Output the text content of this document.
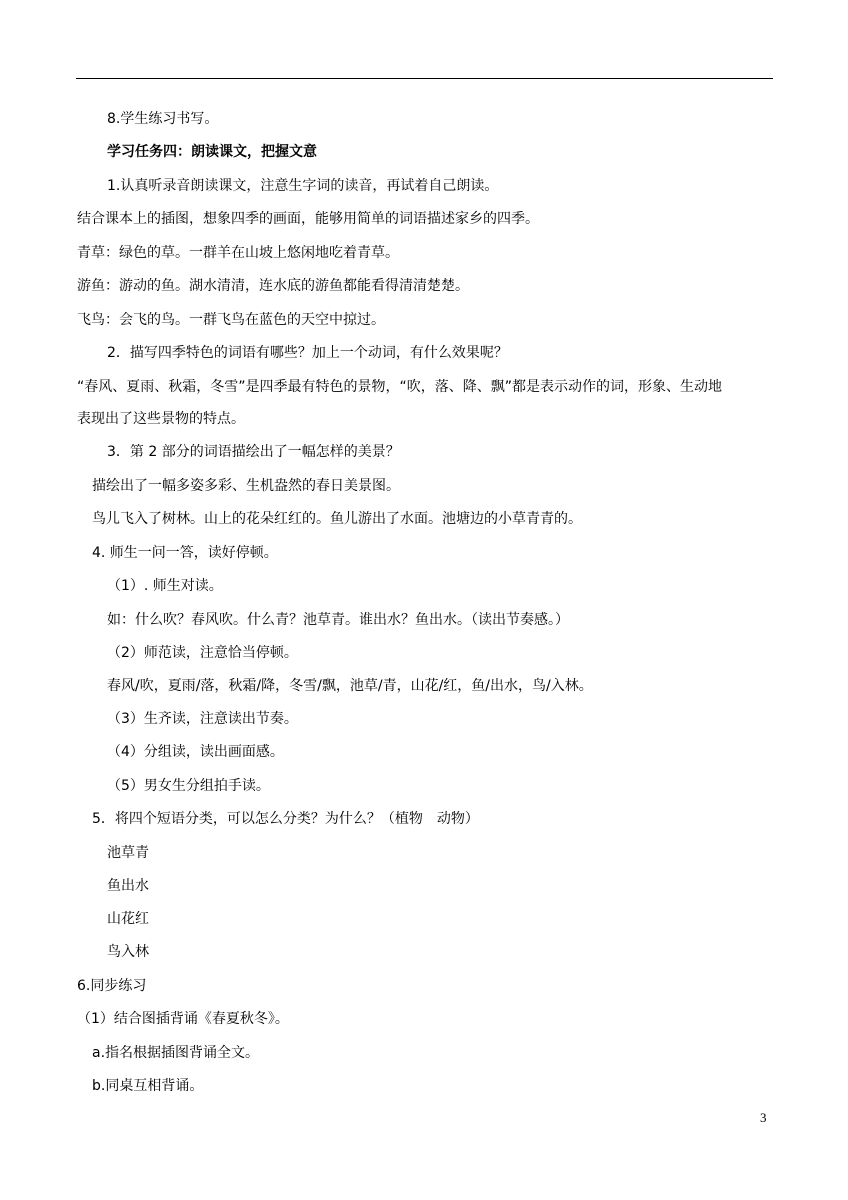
8.学生练习书写。
学习任务四：朗读课文，把握文意
1.认真听录音朗读课文，注意生字词的读音，再试着自己朗读。
结合课本上的插图，想象四季的画面，能够用简单的词语描述家乡的四季。
青草：绿色的草。一群羊在山坡上悠闲地吃着青草。
游鱼：游动的鱼。湖水清清，连水底的游鱼都能看得清清楚楚。
飞鸟：会飞的鸟。一群飞鸟在蓝色的天空中掠过。
2．描写四季特色的词语有哪些？加上一个动词，有什么效果呢？
“春风、夏雨、秋霜，冬雪”是四季最有特色的景物，“吹，落、降、飘”都是表示动作的词，形象、生动地
表现出了这些景物的特点。
3．第 2 部分的词语描绘出了一幅怎样的美景？
描绘出了一幅多姿多彩、生机盎然的春日美景图。
鸟儿飞入了树林。山上的花朵红红的。鱼儿游出了水面。池塘边的小草青青的。
4. 师生一问一答，读好停顿。
（1）. 师生对读。
如：什么吹？春风吹。什么青？池草青。谁出水？鱼出水。（读出节奏感。）
（2）师范读，注意恰当停顿。
春风/吹，夏雨/落，秋霜/降，冬雪/飘，池草/青，山花/红，鱼/出水，鸟/入林。
（3）生齐读，注意读出节奏。
（4）分组读，读出画面感。
（5）男女生分组拍手读。
5．将四个短语分类，可以怎么分类？为什么？（植物　动物）
池草青
鱼出水
山花红
鸟入林
6.同步练习
（1）结合图插背诵《春夏秋冬》。
a.指名根据插图背诵全文。
b.同桌互相背诵。
3
